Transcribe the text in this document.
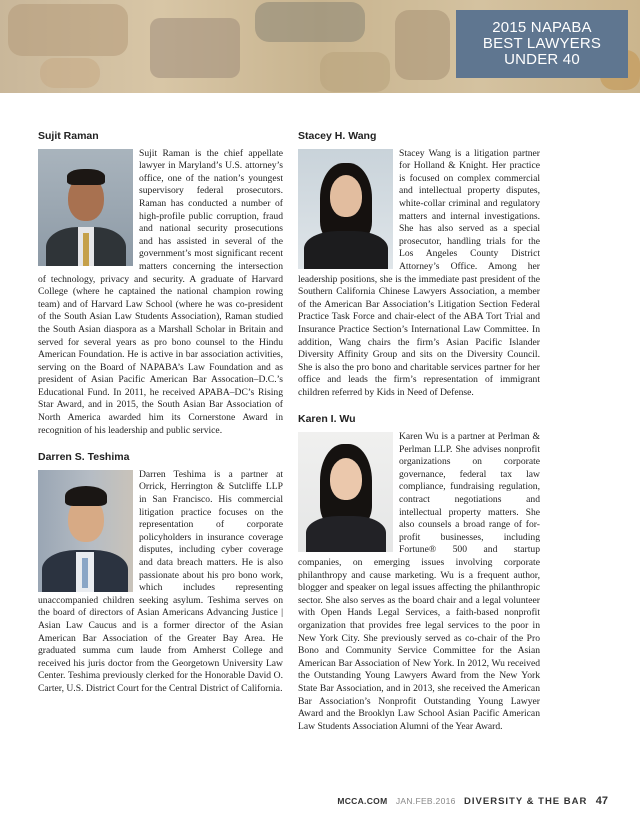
2015 NAPABA
BEST LAWYERS
UNDER 40
Sujit Raman

Sujit Raman is the chief appellate lawyer in Maryland’s U.S. attorney’s office, one of the nation’s youngest supervisory federal prosecutors. Raman has conducted a number of high-profile public corruption, fraud and national security prosecutions and has assisted in several of the government’s most significant recent matters concerning the intersection of technology, privacy and security. A graduate of Harvard College (where he captained the national champion rowing team) and of Harvard Law School (where he was co-president of the South Asian Law Students Association), Raman studied the South Asian diaspora as a Marshall Scholar in Britain and served for several years as pro bono counsel to the Hindu American Foundation. He is active in bar association activities, serving on the Board of NAPABA’s Law Foundation and as president of Asian Pacific American Bar Assocation–D.C.’s Educational Fund. In 2011, he received APABA–DC’s Rising Star Award, and in 2015, the South Asian Bar Association of North America awarded him its Cornerstone Award in recognition of his leadership and public service.

Darren S. Teshima

Darren Teshima is a partner at Orrick, Herrington & Sutcliffe LLP in San Francisco. His commercial litigation practice focuses on the representation of corporate policyholders in insurance coverage disputes, including cyber coverage and data breach matters. He is also passionate about his pro bono work, which includes representing unaccompanied children seeking asylum. Teshima serves on the board of directors of Asian Americans Advancing Justice | Asian Law Caucus and is a former director of the Asian American Bar Association of the Greater Bay Area. He graduated summa cum laude from Amherst College and received his juris doctor from the Georgetown University Law Center. Teshima previously clerked for the Honorable David O. Carter, U.S. District Court for the Central District of California.

Stacey H. Wang

Stacey Wang is a litigation partner for Holland & Knight. Her practice is focused on complex commercial and intellectual property disputes, white-collar criminal and regulatory matters and internal investigations. She has also served as a special prosecutor, handling trials for the Los Angeles County District Attorney’s Office. Among her leadership positions, she is the immediate past president of the Southern California Chinese Lawyers Association, a member of the American Bar Association’s Litigation Section Federal Practice Task Force and chair-elect of the ABA Tort Trial and Insurance Practice Section’s International Law Committee. In addition, Wang chairs the firm’s Asian Pacific Islander Diversity Affinity Group and sits on the Diversity Council. She is also the pro bono and charitable services partner for her office and leads the firm’s representation of immigrant children referred by Kids in Need of Defense.

Karen I. Wu

Karen Wu is a partner at Perlman & Perlman LLP. She advises nonprofit organizations on corporate governance, federal tax law compliance, fundraising regulation, contract negotiations and intellectual property matters. She also counsels a broad range of for-profit businesses, including Fortune® 500 and startup companies, on emerging issues involving corporate philanthropy and cause marketing. Wu is a frequent author, blogger and speaker on legal issues affecting the philanthropic sector. She also serves as the board chair and a legal volunteer with Open Hands Legal Services, a faith-based nonprofit organization that provides free legal services to the poor in New York City. She previously served as co-chair of the Pro Bono and Community Service Committee for the Asian American Bar Association of New York. In 2012, Wu received the Outstanding Young Lawyers Award from the New York State Bar Association, and in 2013, she received the American Bar Association’s Nonprofit Outstanding Young Lawyer Award and the Brooklyn Law School Asian Pacific American Law Students Association Alumni of the Year Award.

MCCA.COM JAN.FEB.2016 DIVERSITY & THE BAR 47
